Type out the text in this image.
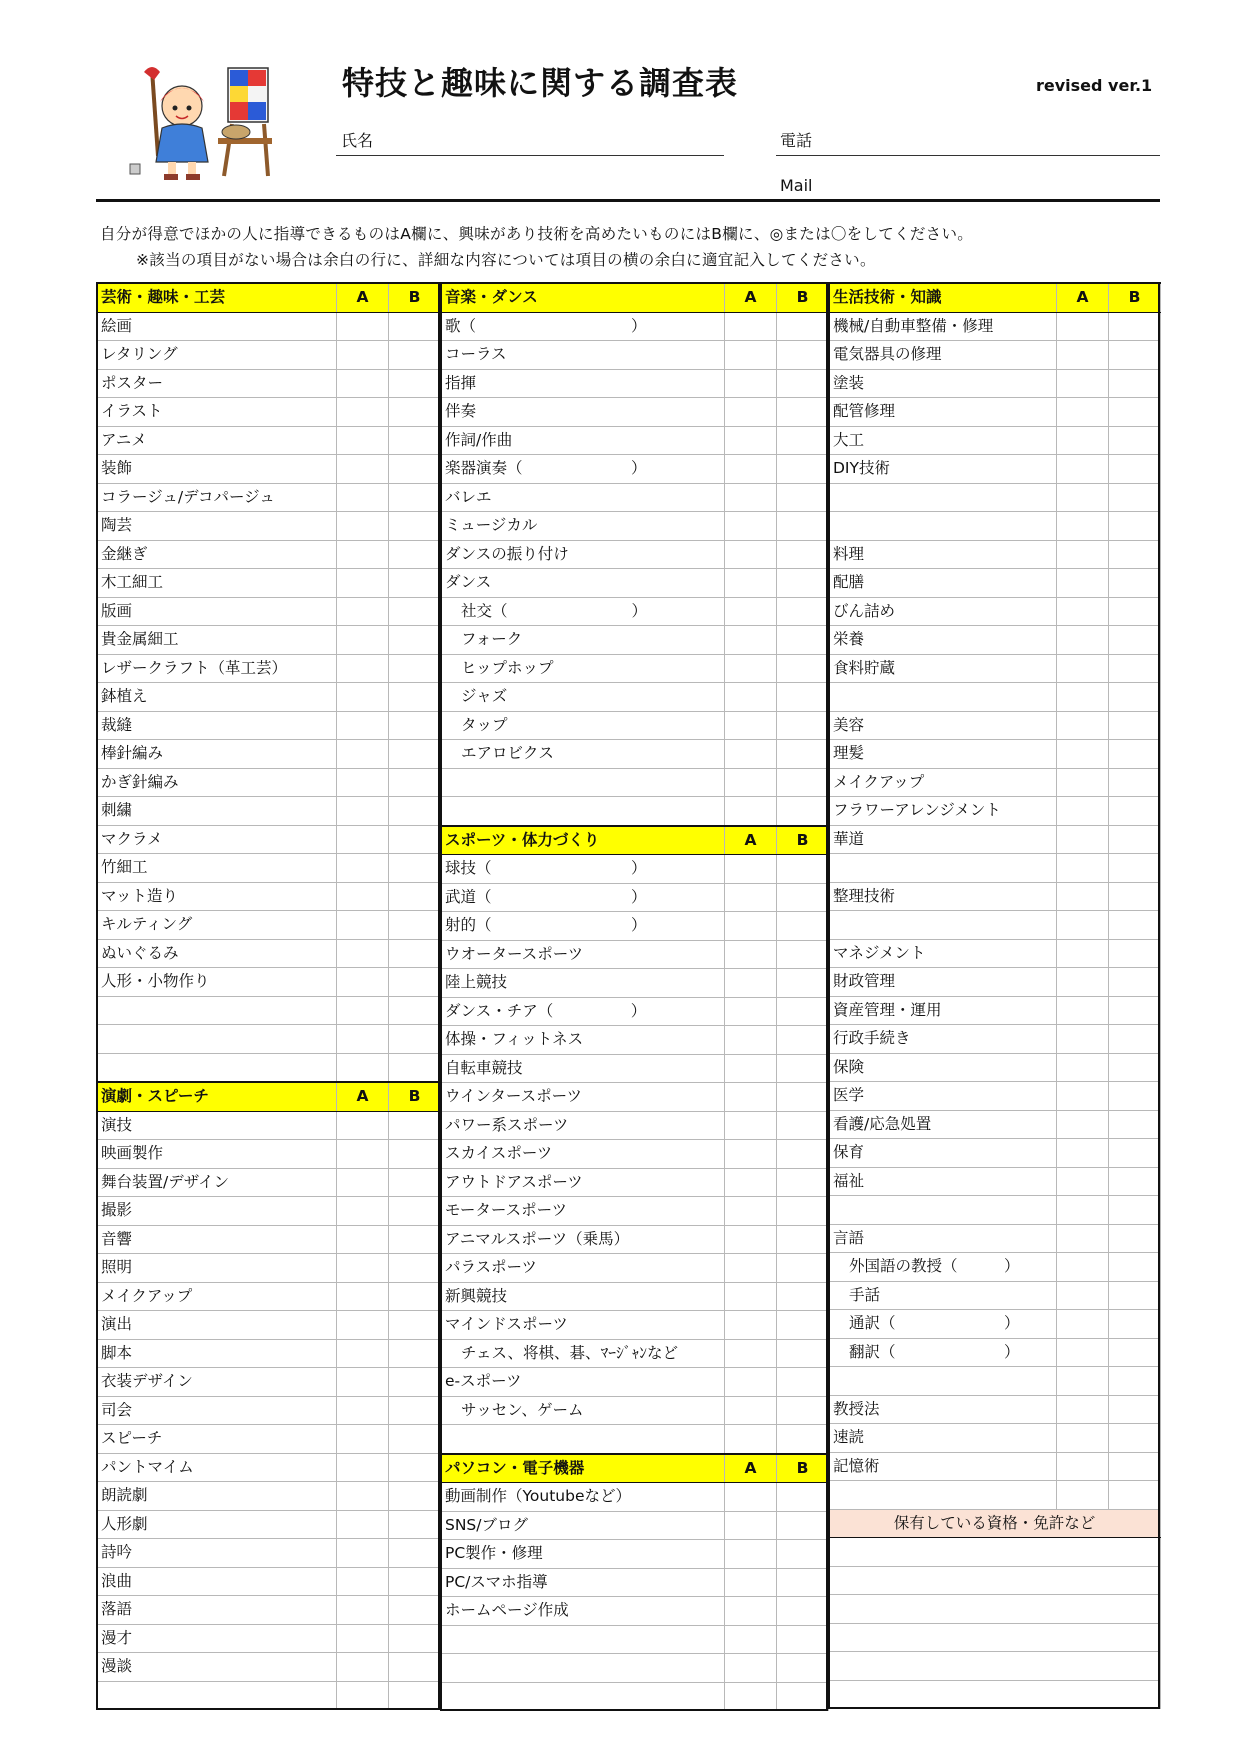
特技と趣味に関する調査表	revised ver.1
氏名	電話
Mail
自分が得意でほかの人に指導できるものはA欄に、興味があり技術を高めたいものにはB欄に、◎または〇をしてください。
※該当の項目がない場合は余白の行に、詳細な内容については項目の横の余白に適宜記入してください。
芸術・趣味・工芸	A	B
絵画		
レタリング		
ポスター		
イラスト		
アニメ		
装飾		
コラージュ/デコパージュ		
陶芸		
金継ぎ		
木工細工		
版画		
貴金属細工		
レザークラフト（革工芸）		
鉢植え		
裁縫		
棒針編み		
かぎ針編み		
刺繍		
マクラメ		
竹細工		
マット造り		
キルティング		
ぬいぐるみ		
人形・小物作り		

演劇・スピーチ	A	B
演技		
映画製作		
舞台装置/デザイン		
撮影		
音響		
照明		
メイクアップ		
演出		
脚本		
衣装デザイン		
司会		
スピーチ		
パントマイム		
朗読劇		
人形劇		
詩吟		
浪曲		
落語		
漫才		
漫談		

音楽・ダンス	A	B
歌（　　　　　　　　　　）		
コーラス		
指揮		
伴奏		
作詞/作曲		
楽器演奏（　　　　　　　）		
バレエ		
ミュージカル		
ダンスの振り付け		
ダンス		
社交（　　　　　　　　）		
フォーク		
ヒップホップ		
ジャズ		
タップ		
エアロビクス		

スポーツ・体力づくり	A	B
球技（　　　　　　　　　）		
武道（　　　　　　　　　）		
射的（　　　　　　　　　）		
ウオータースポーツ		
陸上競技		
ダンス・チア（　　　　　）		
体操・フィットネス		
自転車競技		
ウインタースポーツ		
パワー系スポーツ		
スカイスポーツ		
アウトドアスポーツ		
モータースポーツ		
アニマルスポーツ（乗馬）		
パラスポーツ		
新興競技		
マインドスポーツ		
チェス、将棋、碁、ﾏｰｼﾞｬﾝなど		
e-スポーツ		
サッセン、ゲーム		

パソコン・電子機器	A	B
動画制作（Youtubeなど）		
SNS/ブログ		
PC製作・修理		
PC/スマホ指導		
ホームページ作成		

生活技術・知識	A	B
機械/自動車整備・修理		
電気器具の修理		
塗装		
配管修理		
大工		
DIY技術		

料理		
配膳		
びん詰め		
栄養		
食料貯蔵		

美容		
理髪		
メイクアップ		
フラワーアレンジメント		
華道		

整理技術		

マネジメント		
財政管理		
資産管理・運用		
行政手続き		
保険		
医学		
看護/応急処置		
保育		
福祉		

言語		
外国語の教授（　　　）		
手話		
通訳（　　　　　　　）		
翻訳（　　　　　　　）		

教授法		
速読		
記憶術		

保有している資格・免許など		
